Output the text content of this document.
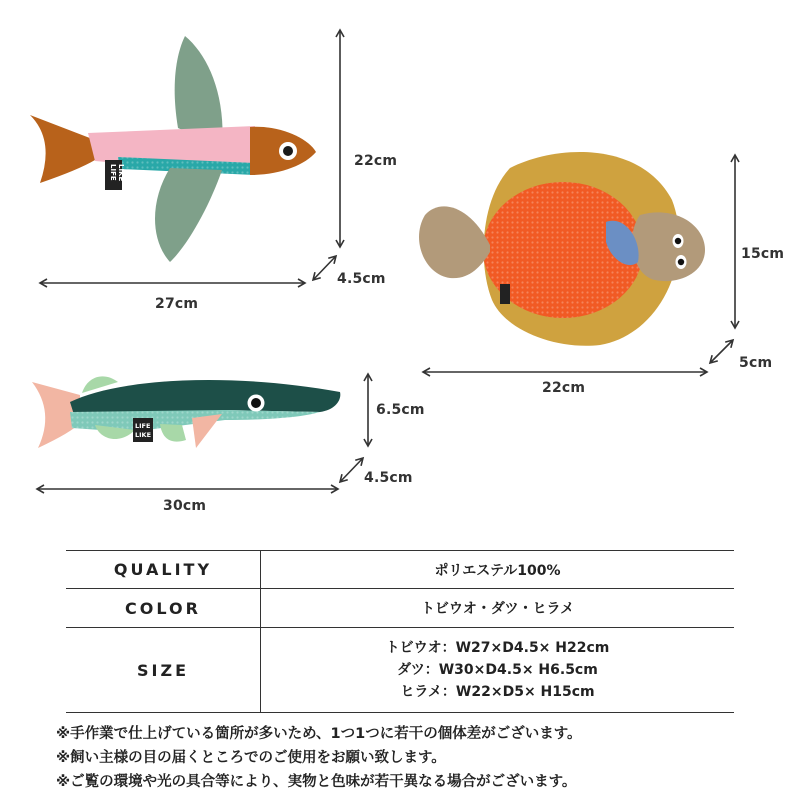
LIFE LIKE
LIFE
LIKE
22cm
4.5cm
27cm
15cm
5cm
22cm
6.5cm
4.5cm
30cm
QUALITY	ポリエステル100%
COLOR	トビウオ・ダツ・ヒラメ
SIZE	トビウオ：W27×D4.5× H22cm
ダツ：W30×D4.5× H6.5cm
ヒラメ：W22×D5× H15cm
※手作業で仕上げている箇所が多いため、1つ1つに若干の個体差がございます。
※飼い主様の目の届くところでのご使用をお願い致します。
※ご覧の環境や光の具合等により、実物と色味が若干異なる場合がございます。
